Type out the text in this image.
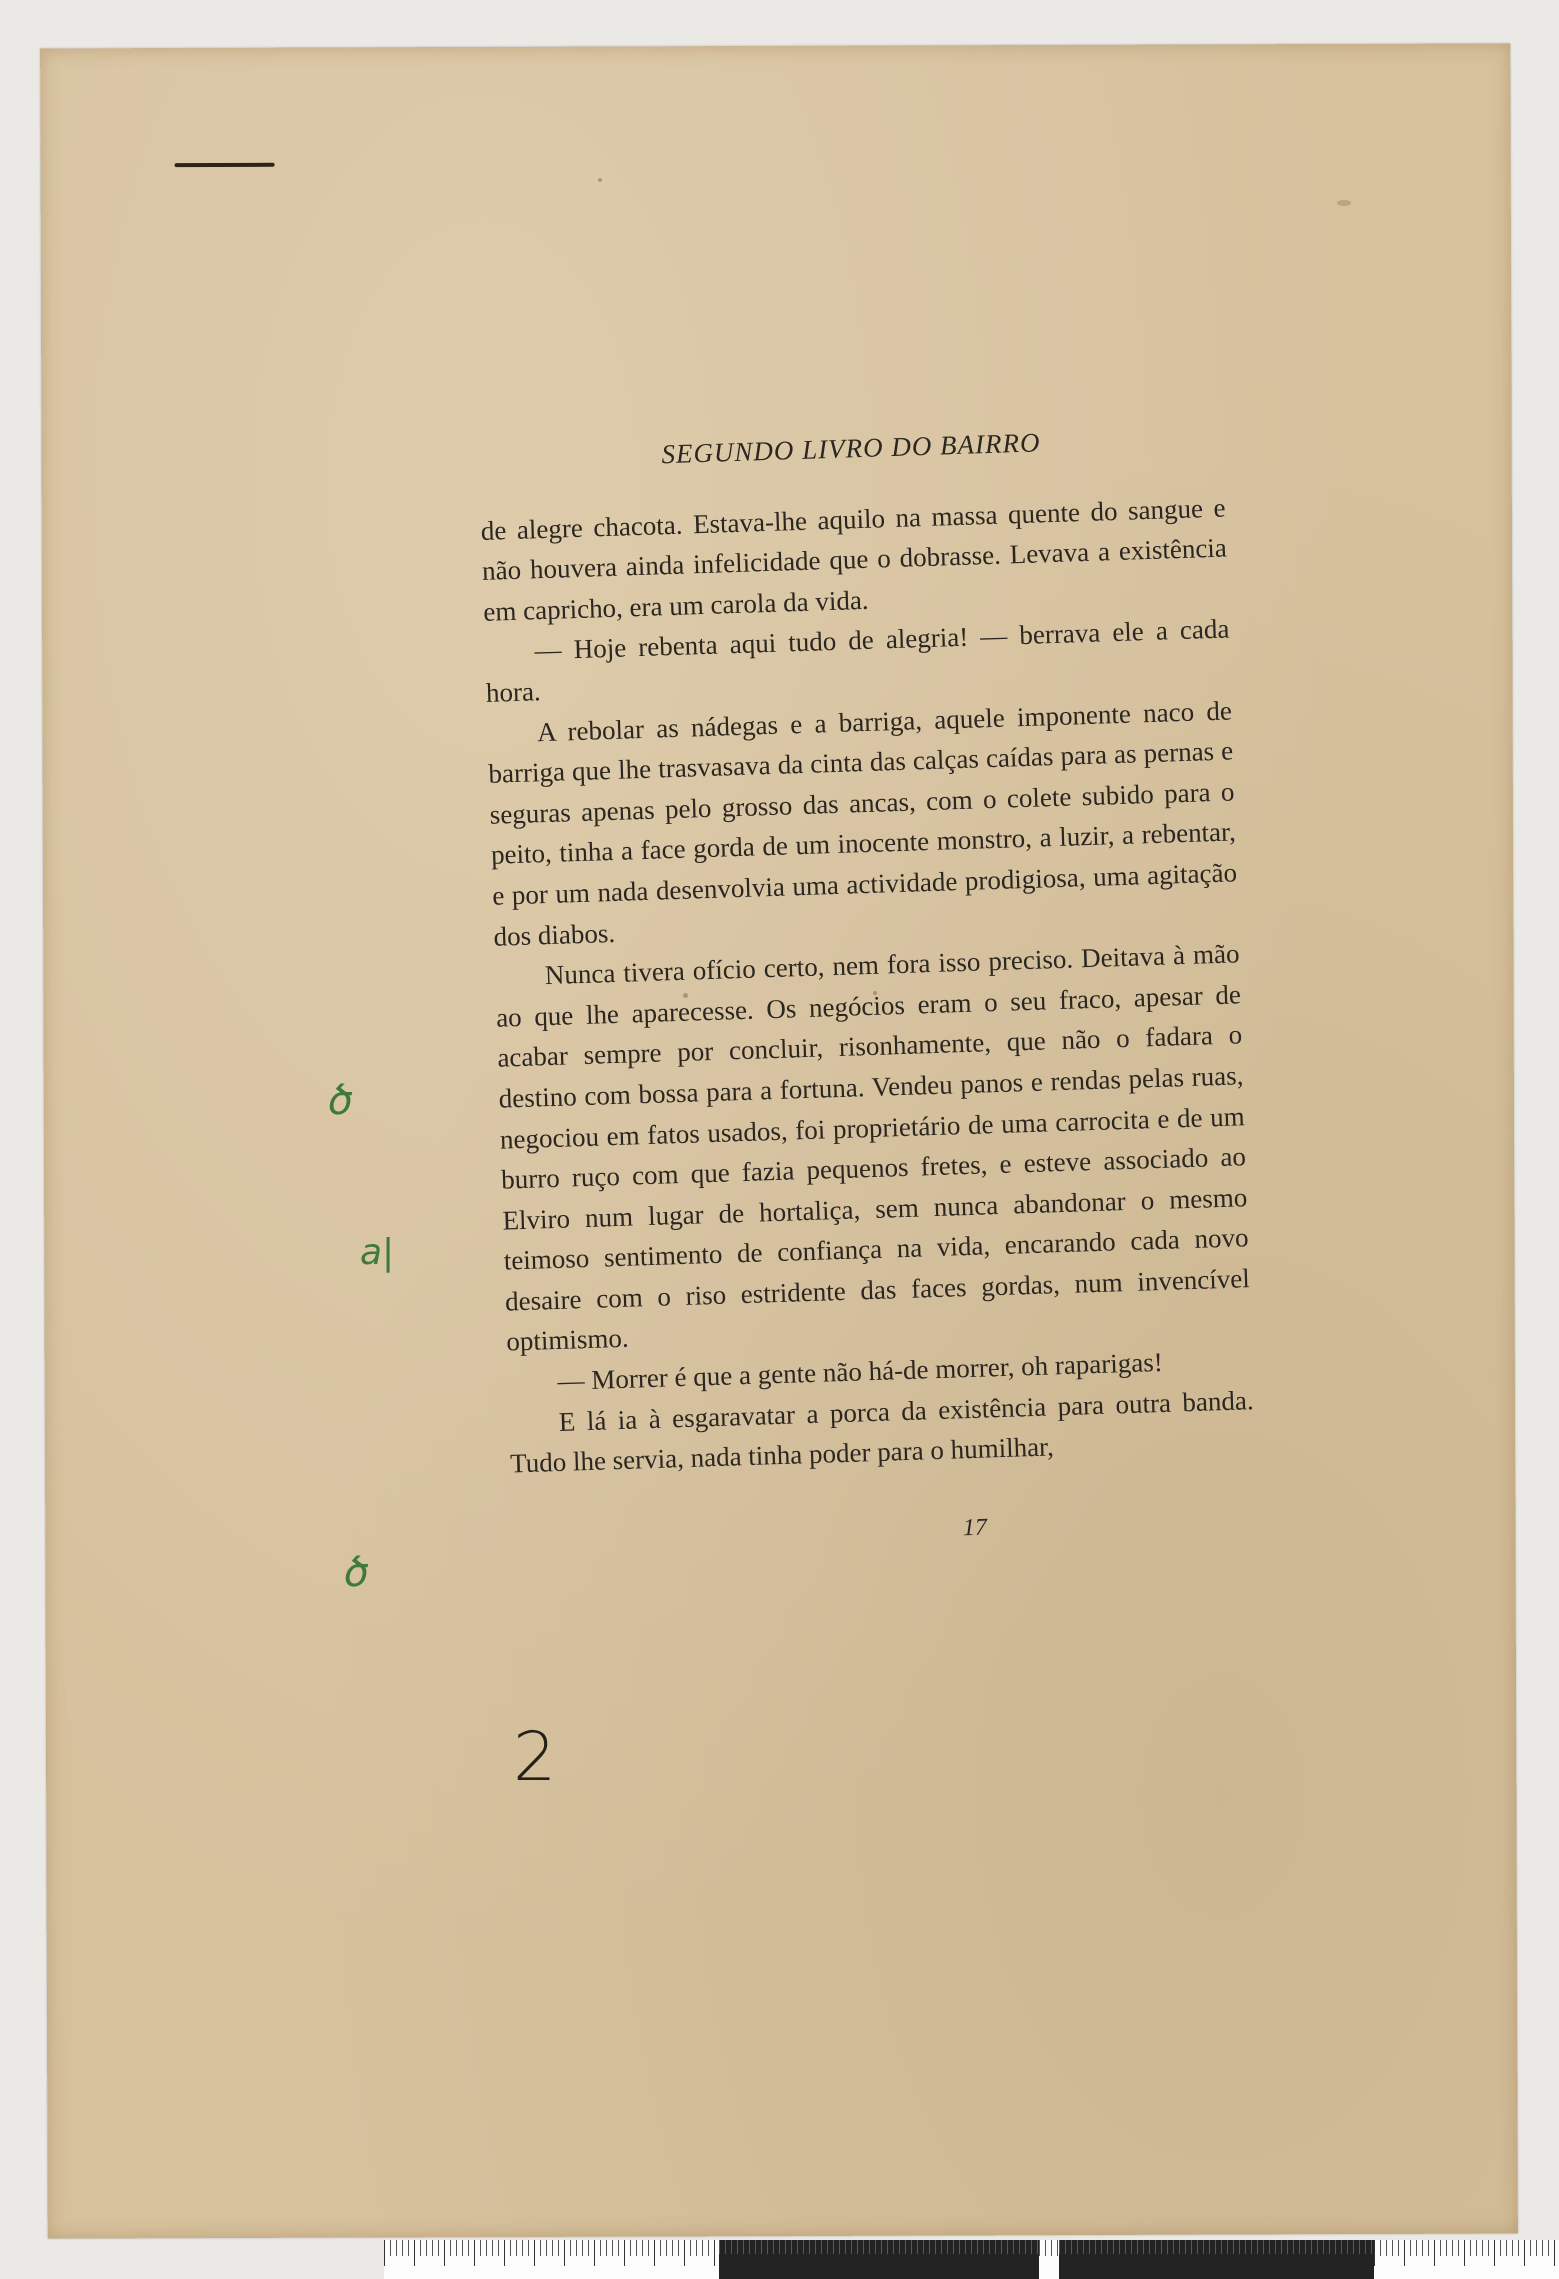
SEGUNDO LIVRO DO BAIRRO

de alegre chacota. Estava-lhe aquilo na massa quente do sangue e não houvera ainda infelicidade que o dobrasse. Levava a existência em capricho, era um carola da vida.

— Hoje rebenta aqui tudo de alegria! — berrava ele a cada hora.

A rebolar as nádegas e a barriga, aquele imponente naco de barriga que lhe trasvasava da cinta das calças caídas para as pernas e seguras apenas pelo grosso das ancas, com o colete subido para o peito, tinha a face gorda de um inocente monstro, a luzir, a rebentar, e por um nada desenvolvia uma actividade prodigiosa, uma agitação dos diabos.

Nunca tivera ofício certo, nem fora isso preciso. Deitava à mão ao que lhe aparecesse. Os negócios eram o seu fraco, apesar de acabar sempre por concluir, risonhamente, que não o fadara o destino com bossa para a fortuna. Vendeu panos e rendas pelas ruas, negociou em fatos usados, foi proprietário de uma carrocita e de um burro ruço com que fazia pequenos fretes, e esteve associado ao Elviro num lugar de hortaliça, sem nunca abandonar o mesmo teimoso sentimento de confiança na vida, encarando cada novo desaire com o riso estridente das faces gordas, num invencível optimismo.

— Morrer é que a gente não há-de morrer, oh raparigas!

E lá ia à esgaravatar a porca da existência para outra banda. Tudo lhe servia, nada tinha poder para o humilhar,

17
ծ
a|
ծ
2
